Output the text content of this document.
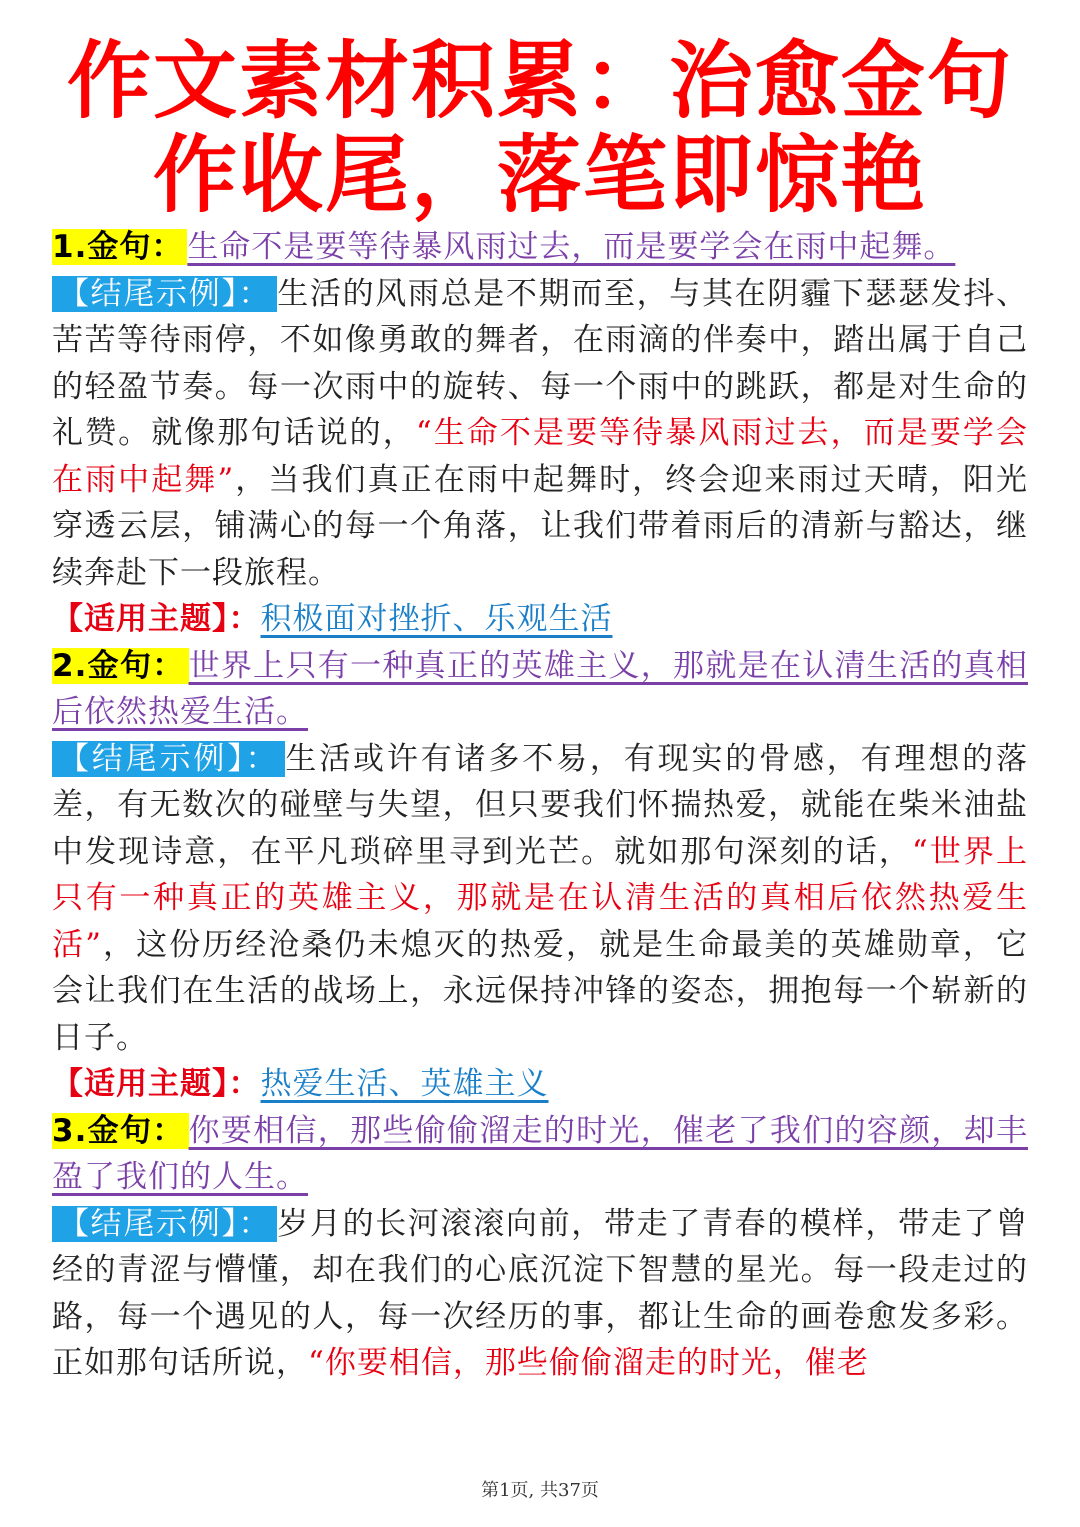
作文素材积累：治愈金句
作收尾，落笔即惊艳

1.金句： 生命不是要等待暴风雨过去，而是要学会在雨中起舞。

【结尾示例】： 生活的风雨总是不期而至，与其在阴霾下瑟瑟发抖、苦苦等待雨停，不如像勇敢的舞者，在雨滴的伴奏中，踏出属于自己的轻盈节奏。每一次雨中的旋转、每一个雨中的跳跃，都是对生命的礼赞。就像那句话说的，“生命不是要等待暴风雨过去，而是要学会在雨中起舞”，当我们真正在雨中起舞时，终会迎来雨过天晴，阳光穿透云层，铺满心的每一个角落，让我们带着雨后的清新与豁达，继续奔赴下一段旅程。

【适用主题】：积极面对挫折、乐观生活

2.金句： 世界上只有一种真正的英雄主义，那就是在认清生活的真相后依然热爱生活。

【结尾示例】： 生活或许有诸多不易，有现实的骨感，有理想的落差，有无数次的碰壁与失望，但只要我们怀揣热爱，就能在柴米油盐中发现诗意，在平凡琐碎里寻到光芒。就如那句深刻的话，“世界上只有一种真正的英雄主义，那就是在认清生活的真相后依然热爱生活”，这份历经沧桑仍未熄灭的热爱，就是生命最美的英雄勋章，它会让我们在生活的战场上，永远保持冲锋的姿态，拥抱每一个崭新的日子。

【适用主题】：热爱生活、英雄主义

3.金句： 你要相信，那些偷偷溜走的时光，催老了我们的容颜，却丰盈了我们的人生。

【结尾示例】： 岁月的长河滚滚向前，带走了青春的模样，带走了曾经的青涩与懵懂，却在我们的心底沉淀下智慧的星光。每一段走过的路，每一个遇见的人，每一次经历的事，都让生命的画卷愈发多彩。正如那句话所说，“你要相信，那些偷偷溜走的时光，催老

第1页, 共37页
